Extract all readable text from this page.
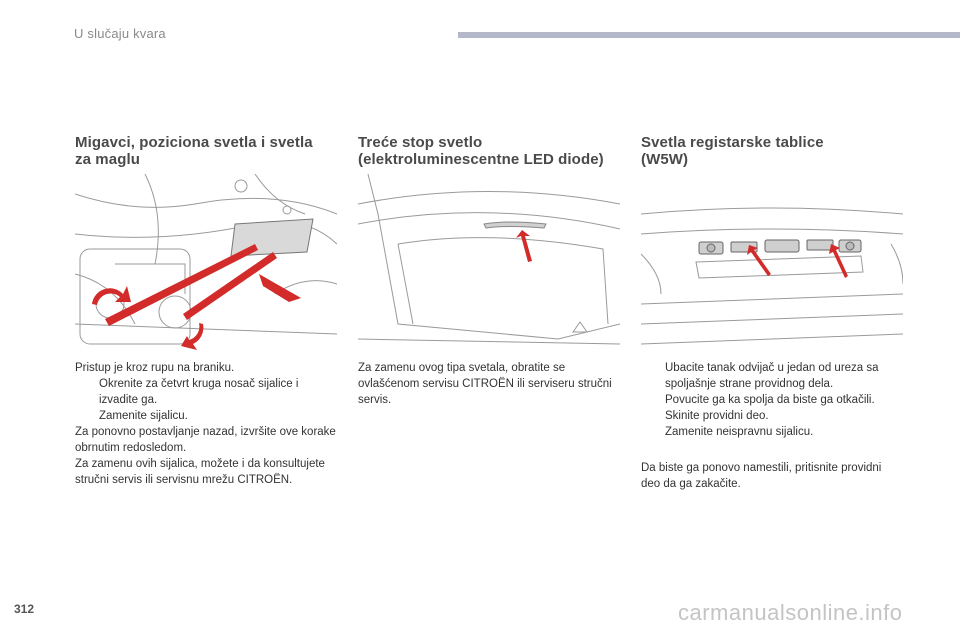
U slučaju kvara
Migavci, poziciona svetla i svetla
za maglu

Pristup je kroz rupu na braniku.

Okrenite za četvrt kruga nosač sijalice i izvadite ga.
Zamenite sijalicu.

Za ponovno postavljanje nazad, izvršite ove korake obrnutim redosledom.

Za zamenu ovih sijalica, možete i da konsultujete stručni servis ili servisnu mrežu CITROËN.

Treće stop svetlo
(elektroluminescentne LED diode)

Za zamenu ovog tipa svetala, obratite se ovlašćenom servisu CITROËN ili serviseru stručni servis.

Svetla registarske tablice
(W5W)
Ubacite tanak odvijač u jedan od ureza sa spoljašnje strane providnog dela.
Povucite ga ka spolja da biste ga otkačili.
Skinite providni deo.
Zamenite neispravnu sijalicu.

Da biste ga ponovo namestili, pritisnite providni deo da ga zakačite.

312	carmanualsonline.info
